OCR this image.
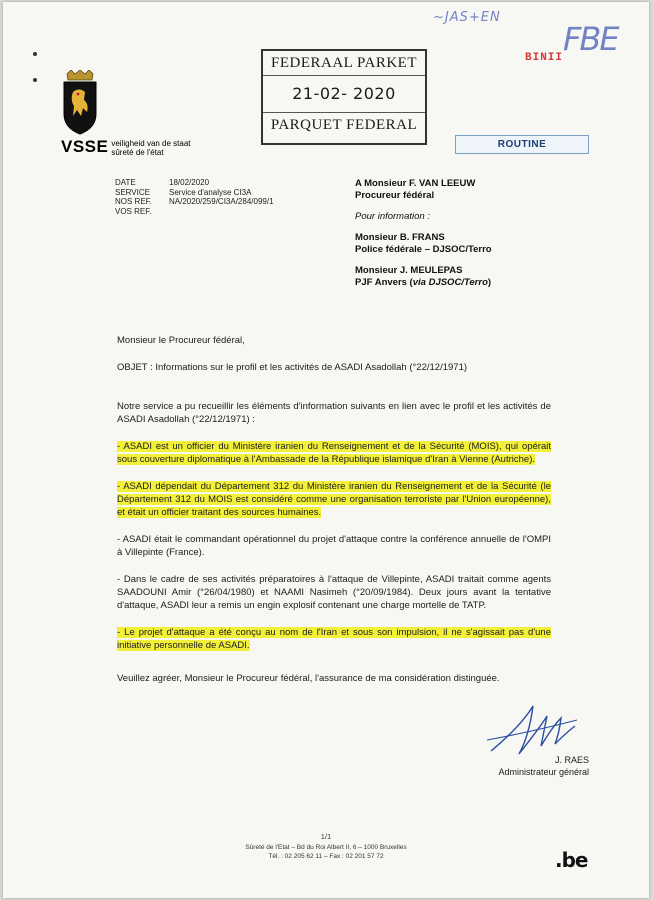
~JAS+EN
FBE
BINII
VSSE veiligheid van de staat
sûreté de l'état
FEDERAAL PARKET
21-02- 2020
PARQUET FEDERAL
ROUTINE
DATE	18/02/2020
SERVICE Service d'analyse CI3A
NOS REF. NA/2020/259/CI3A/284/099/1
VOS REF.
A Monsieur F. VAN LEEUW
Procureur fédéral
Pour information :
Monsieur B. FRANS
Police fédérale – DJSOC/Terro
Monsieur J. MEULEPAS
PJF Anvers (via DJSOC/Terro)

Monsieur le Procureur fédéral,

OBJET : Informations sur le profil et les activités de ASADI Asadollah (°22/12/1971)

Notre service a pu recueillir les éléments d'information suivants en lien avec le profil et les activités de ASADI Asadollah (°22/12/1971) :

- ASADI est un officier du Ministère iranien du Renseignement et de la Sécurité (MOIS), qui opérait sous couverture diplomatique à l'Ambassade de la République islamique d'Iran à Vienne (Autriche).

- ASADI dépendait du Département 312 du Ministère iranien du Renseignement et de la Sécurité (le Département 312 du MOIS est considéré comme une organisation terroriste par l'Union européenne), et était un officier traitant des sources humaines.

- ASADI était le commandant opérationnel du projet d'attaque contre la conférence annuelle de l'OMPI à Villepinte (France).

- Dans le cadre de ses activités préparatoires à l'attaque de Villepinte, ASADI traitait comme agents SAADOUNI Amir (°26/04/1980) et NAAMI Nasimeh (°20/09/1984). Deux jours avant la tentative d'attaque, ASADI leur a remis un engin explosif contenant une charge mortelle de TATP.

- Le projet d'attaque a été conçu au nom de l'Iran et sous son impulsion, il ne s'agissait pas d'une initiative personnelle de ASADI.

Veuillez agréer, Monsieur le Procureur fédéral, l'assurance de ma considération distinguée.

J. RAES
Administrateur général
1/1
Sûreté de l'Etat – Bd du Roi Albert II, 6 – 1000 Bruxelles
Tél. : 02 205 62 11 – Fax : 02 201 57 72	.be
